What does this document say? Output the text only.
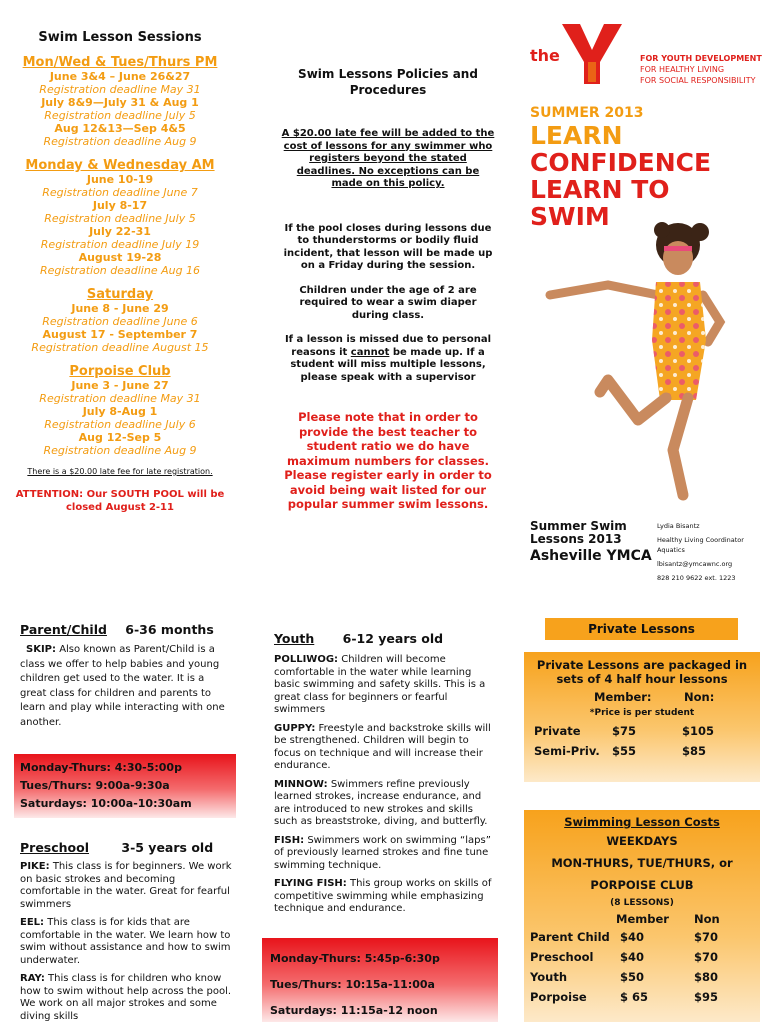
Swim Lesson Sessions
Mon/Wed & Tues/Thurs PM
June 3&4 – June 26&27
Registration deadline May 31
July 8&9—July 31 & Aug 1
Registration deadline July 5
Aug 12&13—Sep 4&5
Registration deadline Aug 9
Monday & Wednesday AM
June 10-19
Registration deadline June 7
July 8-17
Registration deadline July 5
July 22-31
Registration deadline July 19
August 19-28
Registration deadline Aug 16
Saturday
June 8 - June 29
Registration deadline June 6
August 17 - September 7
Registration deadline August 15
Porpoise Club
June 3 - June 27
Registration deadline May 31
July 8-Aug 1
Registration deadline July 6
Aug 12-Sep 5
Registration deadline Aug 9
There is a $20.00 late fee for late registration.
ATTENTION: Our SOUTH POOL will be closed August 2-11
Swim Lessons Policies and Procedures
A $20.00 late fee will be added to the cost of lessons for any swimmer who registers beyond the stated deadlines. No exceptions can be made on this policy.
If the pool closes during lessons due to thunderstorms or bodily fluid incident, that lesson will be made up on a Friday during the session.
Children under the age of 2 are required to wear a swim diaper during class.
If a lesson is missed due to personal reasons it cannot be made up. If a student will miss multiple lessons, please speak with a supervisor
Please note that in order to provide the best teacher to student ratio we do have maximum numbers for classes. Please register early in order to avoid being wait listed for our popular summer swim lessons.
the	FOR YOUTH DEVELOPMENT
FOR HEALTHY LIVING
FOR SOCIAL RESPONSIBILITY
SUMMER 2013
LEARN
CONFIDENCE
LEARN TO
SWIM
Summer Swim
Lessons 2013
Asheville YMCA
Lydia Bisantz
Healthy Living Coordinator Aquatics
lbisantz@ymcawnc.org
828 210 9622 ext. 1223
Parent/Child 6-36 months
SKIP: Also known as Parent/Child is a class we offer to help babies and young children get used to the water. It is a great class for children and parents to learn and play while interacting with one another.
Monday-Thurs: 4:30-5:00p
Tues/Thurs: 9:00a-9:30a
Saturdays: 10:00a-10:30am
Preschool	3-5 years old

PIKE: This class is for beginners. We work on basic strokes and becoming comfortable in the water. Great for fearful swimmers

EEL: This class is for kids that are comfortable in the water. We learn how to swim without assistance and how to swim underwater.

RAY: This class is for children who know how to swim without help across the pool. We work on all major strokes and some diving skills

Youth 6-12 years old

POLLIWOG: Children will become comfortable in the water while learning basic swimming and safety skills. This is a great class for beginners or fearful swimmers

GUPPY: Freestyle and backstroke skills will be strengthened. Children will begin to focus on technique and will increase their endurance.

MINNOW: Swimmers refine previously learned strokes, increase endurance, and are introduced to new strokes and skills such as breaststroke, diving, and butterfly.

FISH: Swimmers work on swimming “laps” of previously learned strokes and fine tune swimming technique.

FLYING FISH: This group works on skills of competitive swimming while emphasizing technique and endurance.

Monday-Thurs: 5:45p-6:30p
Tues/Thurs: 10:15a-11:00a
Saturdays: 11:15a-12 noon
Private Lessons
Private Lessons are packaged in sets of 4 half hour lessons
Member:	Non:
*Price is per student
Private	$75	$105
Semi-Priv. $55	$85
Swimming Lesson Costs
WEEKDAYS
MON-THURS, TUE/THURS, or
PORPOISE CLUB
(8 LESSONS)
Member Non
Parent Child $40	$70
Preschool $40	$70
Youth	$50	$80
Porpoise	$ 65	$95
